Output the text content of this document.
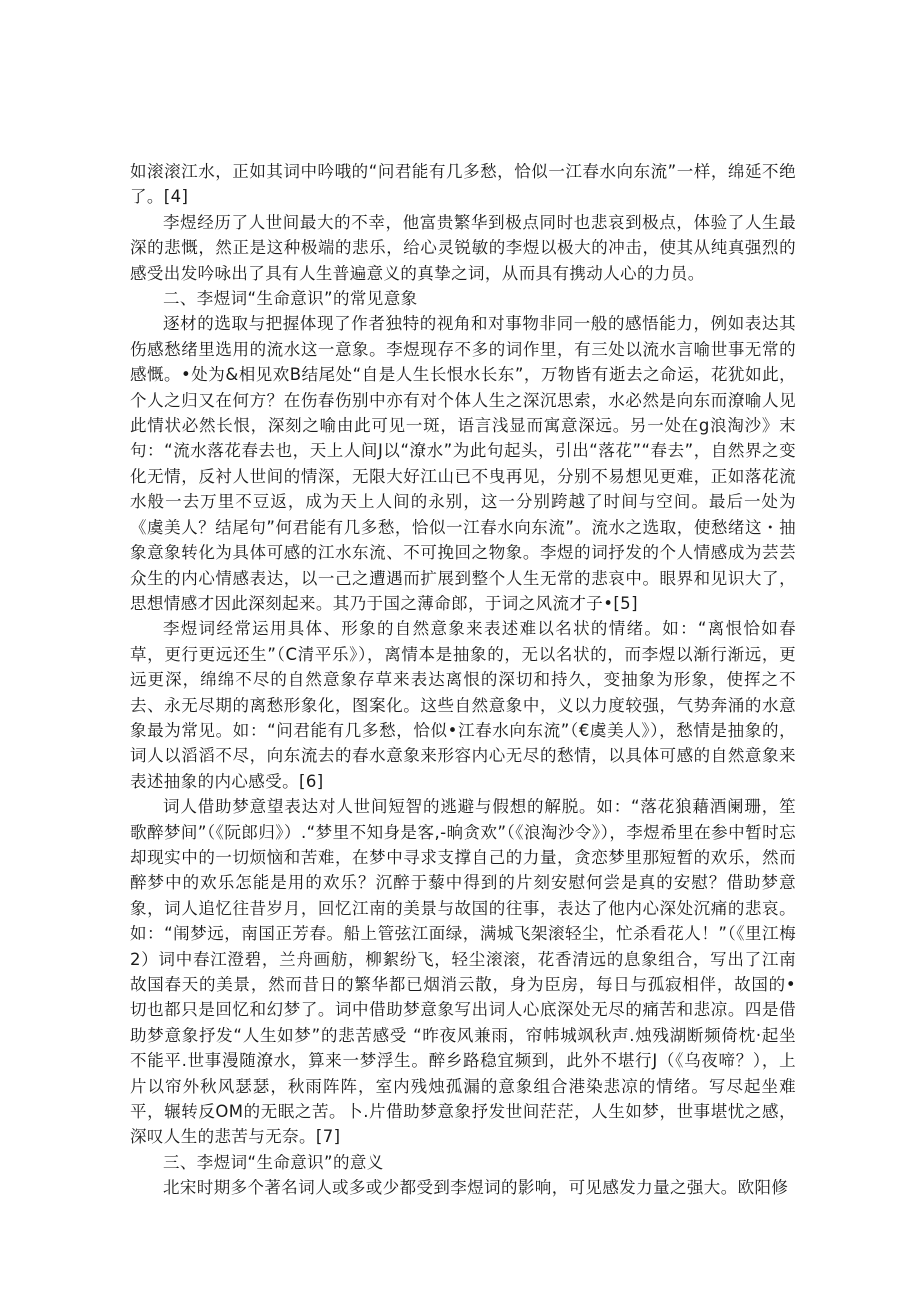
如滚滚江水，正如其词中吟哦的“问君能有几多愁，恰似一江春水向东流”一样，绵延不绝了。[4]

李煜经历了人世间最大的不幸，他富贵繁华到极点同时也悲哀到极点，体验了人生最深的悲慨，然正是这种极端的悲乐，给心灵锐敏的李煜以极大的冲击，使其从纯真强烈的感受出发吟咏出了具有人生普遍意义的真挚之词，从而具有携动人心的力员。

二、李煜词“生命意识”的常见意象

逐材的选取与把握体现了作者独特的视角和对事物非同一般的感悟能力，例如表达其伤感愁绪里选用的流水这一意象。李煜现存不多的词作里，有三处以流水言喻世事无常的感慨。•处为&相见欢B结尾处“自是人生长恨水长东”，万物皆有逝去之命运，花犹如此，个人之归又在何方？在伤春伤别中亦有对个体人生之深沉思索，水必然是向东而潦喻人见此情状必然长恨，深刻之喻由此可见一斑，语言浅显而寓意深远。另一处在g浪淘沙》末句：“流水落花春去也，天上人间J以“潦水”为此句起头，引出“落花”“春去”，自然界之变化无情，反衬人世间的情深，无限大好江山已不曳再见，分别不易想见更难，正如落花流水般一去万里不豆返，成为天上人间的永别，这一分别跨越了时间与空间。最后一处为《虞美人？结尾句”何君能有几多愁，恰似一江春水向东流”。流水之选取，使愁绪这・抽象意象转化为具体可感的江水东流、不可挽回之物象。李煜的词抒发的个人情感成为芸芸众生的内心情感表达，以一己之遭遇而扩展到整个人生无常的悲哀中。眼界和见识大了，思想情感才因此深刻起来。其乃于国之薄命郎，于词之风流才子•[5]

李煜词经常运用具体、形象的自然意象来表述难以名状的情绪。如：“离恨恰如春草，更行更远还生”（C清平乐》），离情本是抽象的，无以名状的，而李煜以渐行渐远，更远更深，绵绵不尽的自然意象存草来表达离恨的深切和持久，变抽象为形象，使挥之不去、永无尽期的离愁形象化，图案化。这些自然意象中，义以力度较强，气势奔涌的水意象最为常见。如：“问君能有几多愁，恰似•江春水向东流”（€虞美人》），愁情是抽象的，词人以滔滔不尽，向东流去的春水意象来形容内心无尽的愁情，以具体可感的自然意象来表述抽象的内心感受。[6]

词人借助梦意望表达对人世间短智的逃避与假想的解脱。如：“落花狼藉酒阑珊，笙歌醉梦间”（《阮郎归》）.“梦里不知身是客,-晌贪欢”（《浪淘沙令》），李煜希里在参中暂时忘却现实中的一切烦恼和苦难，在梦中寻求支撑自己的力量，贪恋梦里那短暂的欢乐，然而醉梦中的欢乐怎能是用的欢乐？沉醉于藜中得到的片刻安慰何尝是真的安慰？借助梦意象，词人追忆往昔岁月，回忆江南的美景与故国的往事，表达了他内心深处沉痛的悲哀。如：“闱梦远，南国正芳春。船上管弦江面绿，满城飞架滚轻尘，忙杀看花人！”（《里江梅2）词中春江澄碧，兰舟画舫，柳絮纷飞，轻尘滚滚，花香清远的息象组合，写出了江南故国春天的美景，然而昔日的繁华都已烟消云散，身为臣房，每日与孤寂相伴，故国的•切也都只是回忆和幻梦了。词中借助梦意象写出词人心底深处无尽的痛苦和悲凉。四是借助梦意象抒发“人生如梦”的悲苦感受 “昨夜风兼雨，帘帏城飒秋声.烛残湖断频倚枕·起坐不能平.世事漫随潦水，算来一梦浮生。醉乡路稳宜频到，此外不堪行J（《乌夜啼？），上片以帘外秋风瑟瑟，秋雨阵阵，室内残烛孤漏的意象组合港染悲凉的情绪。写尽起坐难平，辗转反OM的无眠之苦。卜.片借助梦意象抒发世间茫茫，人生如梦，世事堪忧之感，深叹人生的悲苦与无奈。[7]

三、李煜词“生命意识”的意义

北宋时期多个著名词人或多或少都受到李煜词的影响，可见感发力量之强大。欧阳修
